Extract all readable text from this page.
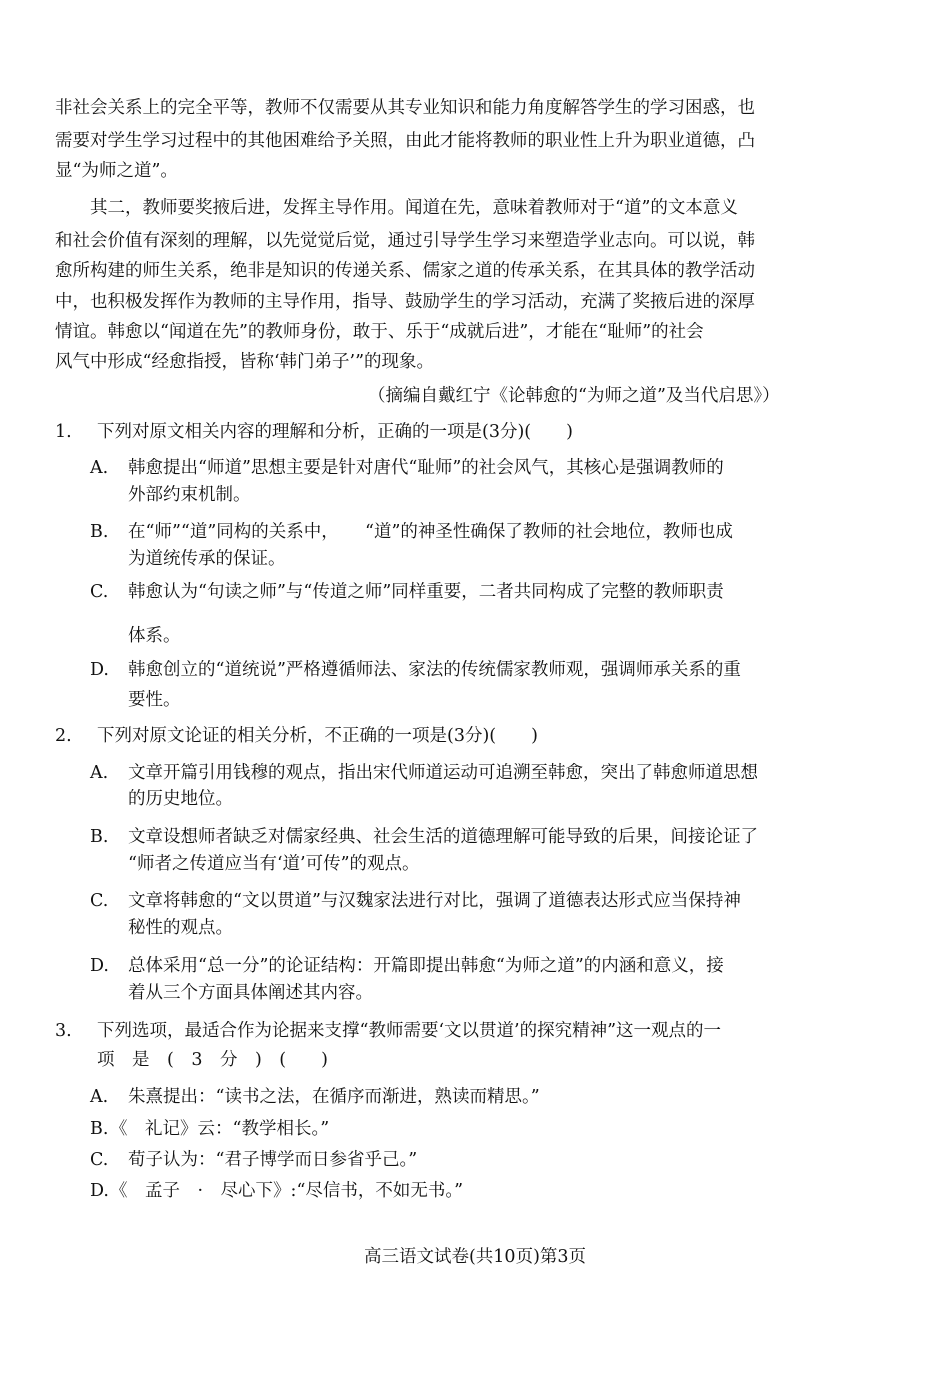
非社会关系上的完全平等，教师不仅需要从其专业知识和能力角度解答学生的学习困惑，也
需要对学生学习过程中的其他困难给予关照，由此才能将教师的职业性上升为职业道德，凸
显“为师之道”。
其二，教师要奖掖后进，发挥主导作用。闻道在先，意味着教师对于“道”的文本意义
和社会价值有深刻的理解，以先觉觉后觉，通过引导学生学习来塑造学业志向。可以说，韩
愈所构建的师生关系，绝非是知识的传递关系、儒家之道的传承关系，在其具体的教学活动
中，也积极发挥作为教师的主导作用，指导、鼓励学生的学习活动，充满了奖掖后进的深厚
情谊。韩愈以“闻道在先”的教师身份，敢于、乐于“成就后进”，才能在“耻师”的社会
风气中形成“经愈指授，皆称‘韩门弟子’”的现象。
（摘编自戴红宁《论韩愈的“为师之道”及当代启思》）
1. 下列对原文相关内容的理解和分析，正确的一项是(3分)(　　)
A. 韩愈提出“师道”思想主要是针对唐代“耻师”的社会风气，其核心是强调教师的
外部约束机制。
B. 在“师”“道”同构的关系中，　　“道”的神圣性确保了教师的社会地位，教师也成
为道统传承的保证。
C. 韩愈认为“句读之师”与“传道之师”同样重要，二者共同构成了完整的教师职责
体系。
D. 韩愈创立的“道统说”严格遵循师法、家法的传统儒家教师观，强调师承关系的重
要性。
2. 下列对原文论证的相关分析，不正确的一项是(3分)(　　)
A. 文章开篇引用钱穆的观点，指出宋代师道运动可追溯至韩愈，突出了韩愈师道思想
的历史地位。
B. 文章设想师者缺乏对儒家经典、社会生活的道德理解可能导致的后果，间接论证了
“师者之传道应当有‘道’可传”的观点。
C. 文章将韩愈的“文以贯道”与汉魏家法进行对比，强调了道德表达形式应当保持神
秘性的观点。
D. 总体采用“总一分”的论证结构：开篇即提出韩愈“为师之道”的内涵和意义，接
着从三个方面具体阐述其内容。
3. 下列选项，最适合作为论据来支撑“教师需要‘文以贯道’的探究精神”这一观点的一
项　是　(　3　分　)　(　　)
A. 朱熹提出：“读书之法，在循序而渐进，熟读而精思。”
B. 《　礼记》云：“教学相长。”
C. 荀子认为：“君子博学而日参省乎己。”
D. 《　孟子　·　尽心下》:“尽信书，不如无书。”
高三语文试卷(共10页)第3页
